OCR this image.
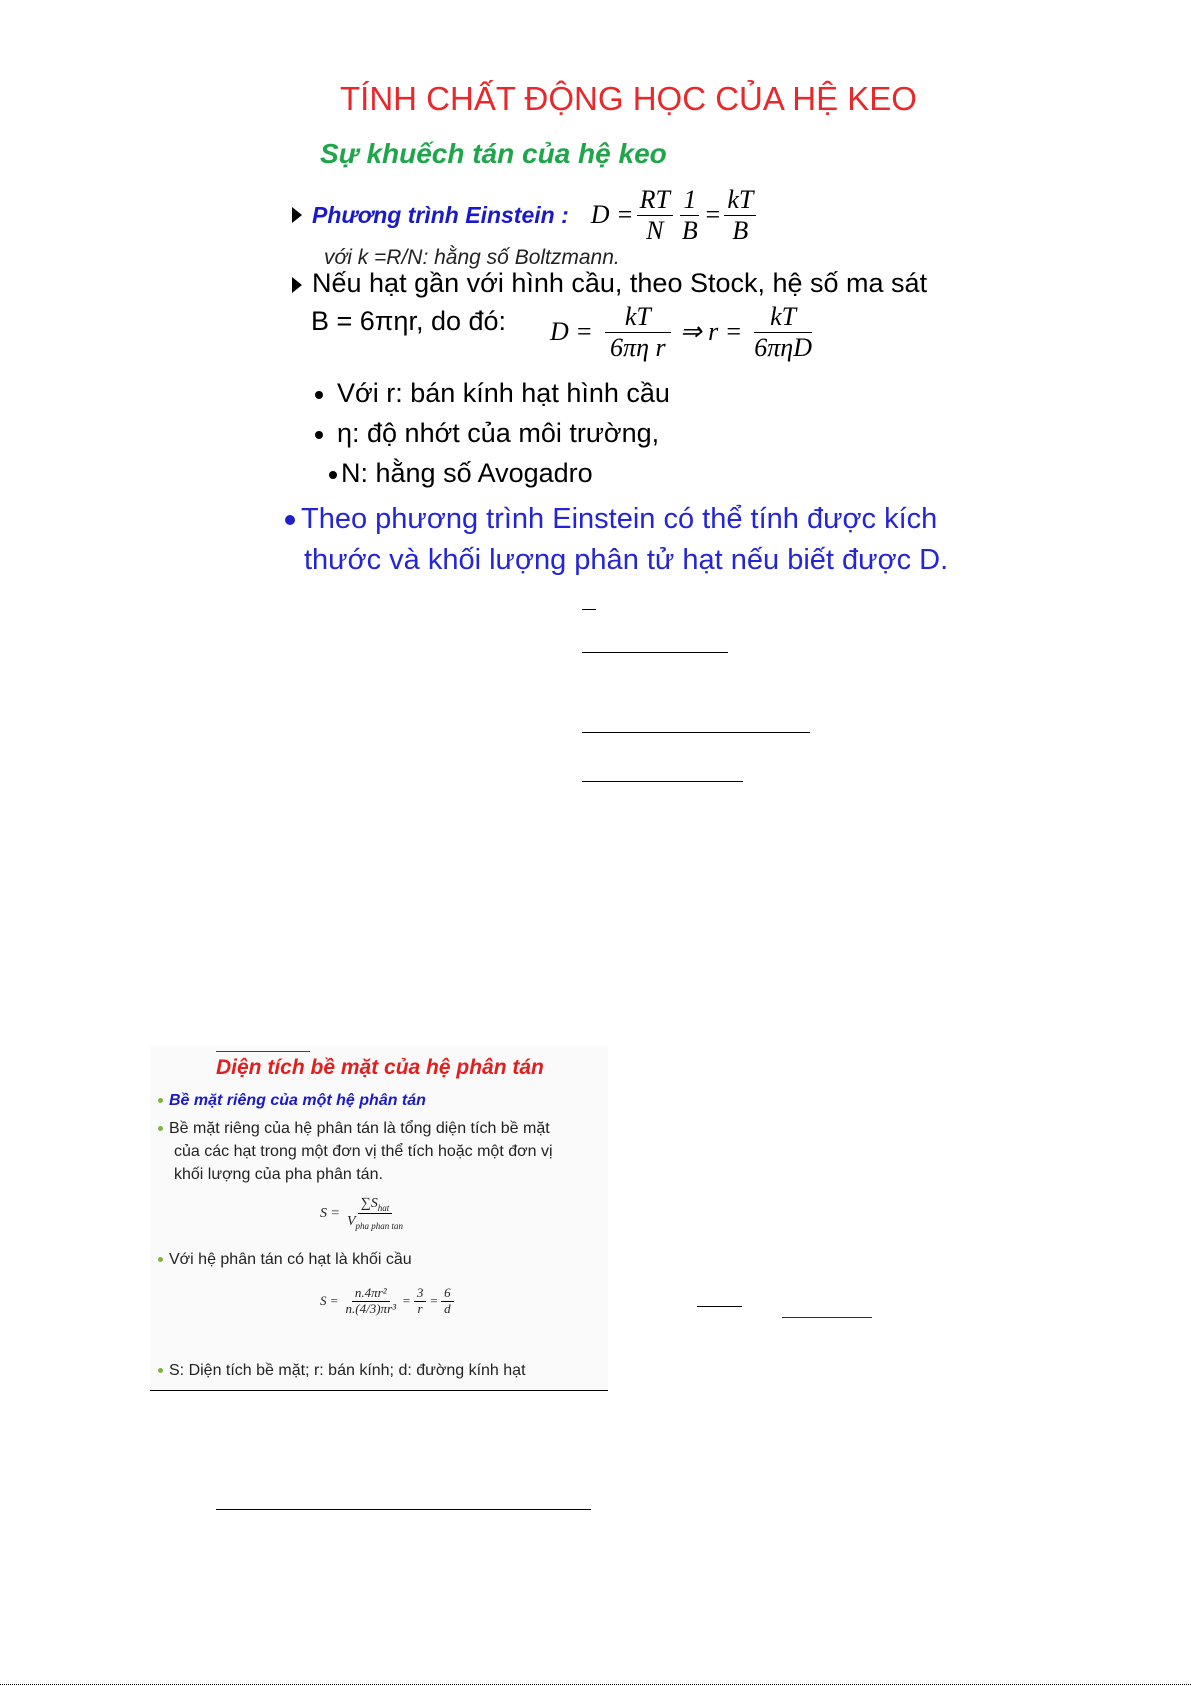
TÍNH CHẤT ĐỘNG HỌC CỦA HỆ KEO
Sự khuếch tán của hệ keo
Phương trình Einstein : $D = \frac{RT}{N} \frac{1}{B} = \frac{kT}{B}$
với k =R/N: hằng số Boltzmann.
Nếu hạt gần với hình cầu, theo Stock, hệ số ma sát
B = 6πηr, do đó: $D = \frac{kT}{\text{6πη r}}$ ⇒ $r = \frac{kT}{\text{6πηD}}$
Với r: bán kính hạt hình cầu
η: độ nhớt của môi trường,
N: hằng số Avogadro
Theo phương trình Einstein có thể tính được kích
thước và khối lượng phân tử hạt nếu biết được D.
Diện tích bề mặt của hệ phân tán
Bề mặt riêng của một hệ phân tán
Bề mặt riêng của hệ phân tán là tổng diện tích bề mặt
của các hạt trong một đơn vị thể tích hoặc một đơn vị
khối lượng của pha phân tán.
$S = \frac{\sum S_{hat}}{V_{pha phan tan}}$
Với hệ phân tán có hạt là khối cầu
$S = \frac{\text{n.4πr²}}{\text{n.(4/3)πr³}} = \frac{3}{r} = \frac{6}{d}$
S: Diện tích bề mặt; r: bán kính; d: đường kính hạt
